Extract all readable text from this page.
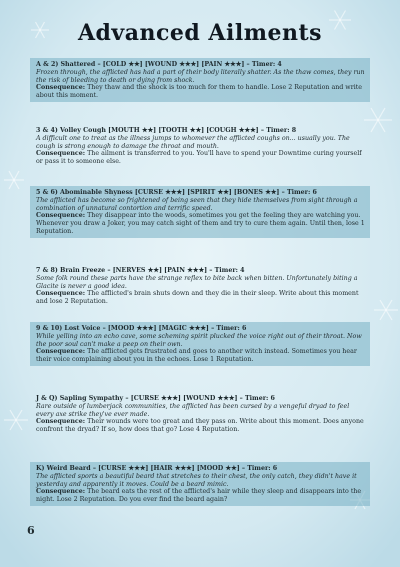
Advanced Ailments

A & 2) Shattered – [COLD ★★] [WOUND ★★★] [PAIN ★★★] – Timer: 4

Frozen through, the afflicted has had a part of their body literally shatter. As the thaw comes, they run the risk of bleeding to death or dying from shock.

Consequence: They thaw and the shock is too much for them to handle. Lose 2 Reputation and write about this moment.

3 & 4) Volley Cough [MOUTH ★★] [TOOTH ★★] [COUGH ★★★] – Timer: 8

A difficult one to treat as the illness jumps to whomever the afflicted coughs on... usually you. The cough is strong enough to damage the throat and mouth.

Consequence: The ailment is transferred to you. You'll have to spend your Downtime curing yourself or pass it to someone else.

5 & 6) Abominable Shyness [CURSE ★★★] [SPIRIT ★★] [BONES ★★] – Timer: 6

The afflicted has become so frightened of being seen that they hide themselves from sight through a combination of unnatural contortion and terrific speed.

Consequence: They disappear into the woods, sometimes you get the feeling they are watching you. Whenever you draw a Joker, you may catch sight of them and try to cure them again. Until then, lose 1 Reputation.

7 & 8) Brain Freeze – [NERVES ★★] [PAIN ★★★] – Timer: 4

Some folk round these parts have the strange reflex to bite back when bitten. Unfortunately biting a Glacite is never a good idea.

Consequence: The afflicted's brain shuts down and they die in their sleep. Write about this moment and lose 2 Reputation.

9 & 10) Lost Voice – [MOOD ★★★] [MAGIC ★★★] – Timer: 6

While yelling into an echo cave, some scheming spirit plucked the voice right out of their throat. Now the poor soul can't make a peep on their own.

Consequence: The afflicted gets frustrated and goes to another witch instead. Sometimes you hear their voice complaining about you in the echoes. Lose 1 Reputation.

J & Q) Sapling Sympathy – [CURSE ★★★] [WOUND ★★★] – Timer: 6

Rare outside of lumberjack communities, the afflicted has been cursed by a vengeful dryad to feel every axe strike they've ever made.

Consequence: Their wounds were too great and they pass on. Write about this moment. Does anyone confront the dryad? If so, how does that go? Lose 4 Reputation.

K) Weird Beard – [CURSE ★★★] [HAIR ★★★] [MOOD ★★] – Timer: 6

The afflicted sports a beautiful beard that stretches to their chest, the only catch, they didn't have it yesterday and apparently it moves. Could be a beard mimic.

Consequence: The beard eats the rest of the afflicted's hair while they sleep and disappears into the night. Lose 2 Reputation. Do you ever find the beard again?

6
